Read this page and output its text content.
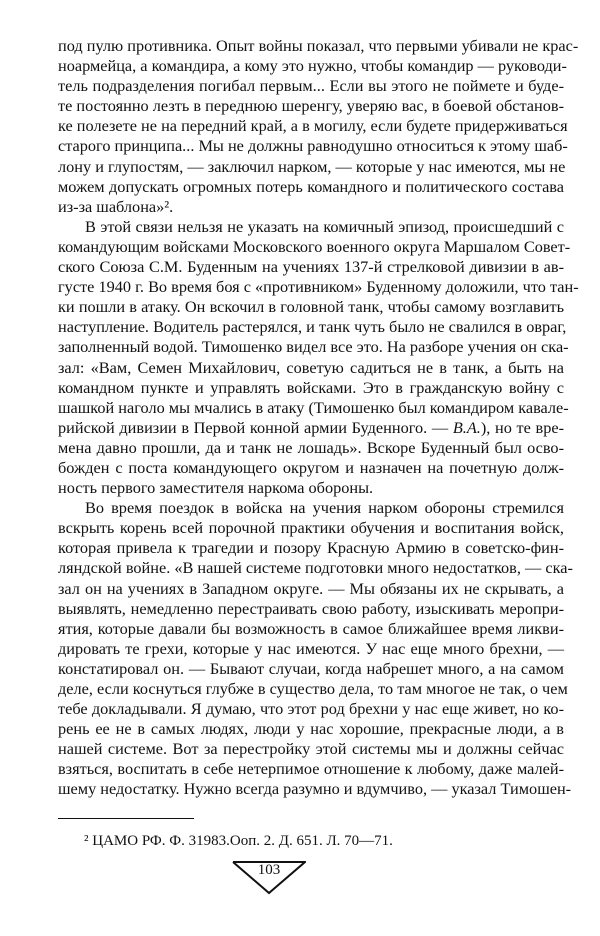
под пулю противника. Опыт войны показал, что первыми убивали не крас-
ноармейца, а командира, а кому это нужно, чтобы командир — руководи-
тель подразделения погибал первым... Если вы этого не поймете и буде-
те постоянно лезть в переднюю шеренгу, уверяю вас, в боевой обстанов-
ке полезете не на передний край, а в могилу, если будете придерживаться
старого принципа... Мы не должны равнодушно относиться к этому шаб-
лону и глупостям, — заключил нарком, — которые у нас имеются, мы не
можем допускать огромных потерь командного и политического состава
из-за шаблона»².
В этой связи нельзя не указать на комичный эпизод, происшедший с
командующим войсками Московского военного округа Маршалом Совет-
ского Союза С.М. Буденным на учениях 137-й стрелковой дивизии в ав-
густе 1940 г. Во время боя с «противником» Буденному доложили, что тан-
ки пошли в атаку. Он вскочил в головной танк, чтобы самому возглавить
наступление. Водитель растерялся, и танк чуть было не свалился в овраг,
заполненный водой. Тимошенко видел все это. На разборе учения он ска-
зал: «Вам, Семен Михайлович, советую садиться не в танк, а быть на
командном пункте и управлять войсками. Это в гражданскую войну с
шашкой наголо мы мчались в атаку (Тимошенко был командиром кавале-
рийской дивизии в Первой конной армии Буденного. — В.А.), но те вре-
мена давно прошли, да и танк не лошадь». Вскоре Буденный был осво-
божден с поста командующего округом и назначен на почетную долж-
ность первого заместителя наркома обороны.
Во время поездок в войска на учения нарком обороны стремился
вскрыть корень всей порочной практики обучения и воспитания войск,
которая привела к трагедии и позору Красную Армию в советско-фин-
ляндской войне. «В нашей системе подготовки много недостатков, — ска-
зал он на учениях в Западном округе. — Мы обязаны их не скрывать, а
выявлять, немедленно перестраивать свою работу, изыскивать меропри-
ятия, которые давали бы возможность в самое ближайшее время ликви-
дировать те грехи, которые у нас имеются. У нас еще много брехни, —
констатировал он. — Бывают случаи, когда набрешет много, а на самом
деле, если коснуться глубже в существо дела, то там многое не так, о чем
тебе докладывали. Я думаю, что этот род брехни у нас еще живет, но ко-
рень ее не в самых людях, люди у нас хорошие, прекрасные люди, а в
нашей системе. Вот за перестройку этой системы мы и должны сейчас
взяться, воспитать в себе нетерпимое отношение к любому, даже малей-
шему недостатку. Нужно всегда разумно и вдумчиво, — указал Тимошен-
² ЦАМО РФ. Ф. 31983.Ооп. 2. Д. 651. Л. 70—71.
103
